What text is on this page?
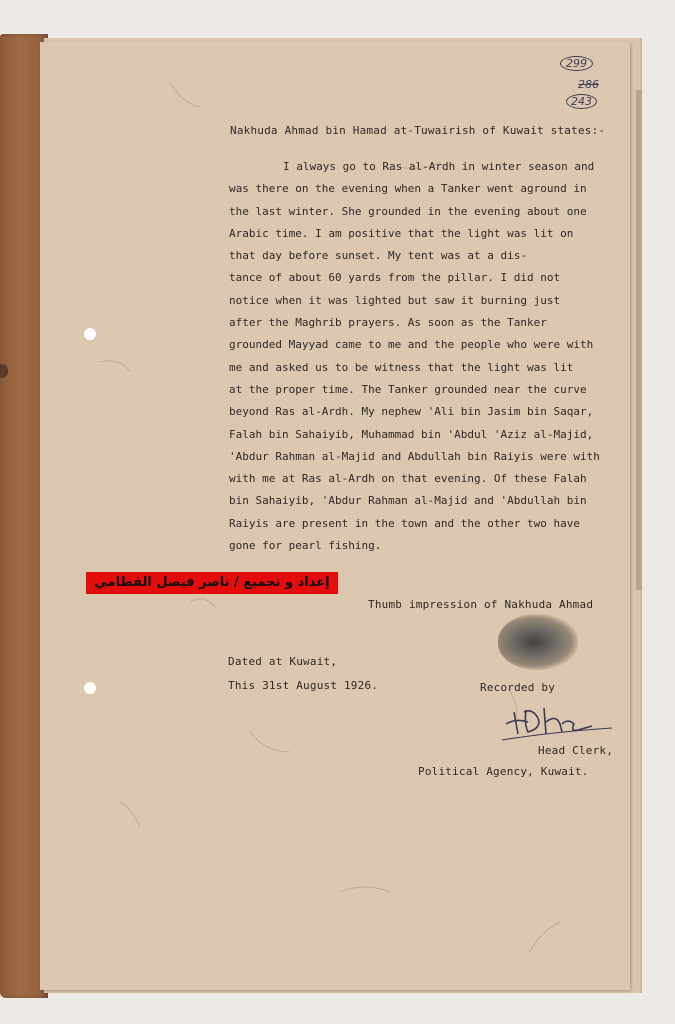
299
286
243
Nakhuda Ahmad bin Hamad at-Tuwairish of Kuwait states:-
I always go to Ras al-Ardh in winter season and
was there on the evening when a Tanker went aground in
the last winter. She grounded in the evening about one
Arabic time. I am positive that the light was lit on
that day before sunset. My tent was at a dis-
tance of about 60 yards from the pillar. I did not
notice when it was lighted but saw it burning just
after the Maghrib prayers. As soon as the Tanker
grounded Mayyad came to me and the people who were with
me and asked us to be witness that the light was lit
at the proper time. The Tanker grounded near the curve
beyond Ras al-Ardh. My nephew 'Ali bin Jasim bin Saqar,
Falah bin Sahaiyib, Muhammad bin 'Abdul 'Aziz al-Majid,
'Abdur Rahman al-Majid and Abdullah bin Raiyis were with
with me at Ras al-Ardh on that evening. Of these Falah
bin Sahaiyib, 'Abdur Rahman al-Majid and 'Abdullah bin
Raiyis are present in the town and the other two have
gone for pearl fishing.
إعداد و تجميع / ناصر فيصل القطامي
Thumb impression of Nakhuda Ahmad
Dated at Kuwait,
This 31st August 1926.	Recorded by
Head Clerk,
Political Agency, Kuwait.
